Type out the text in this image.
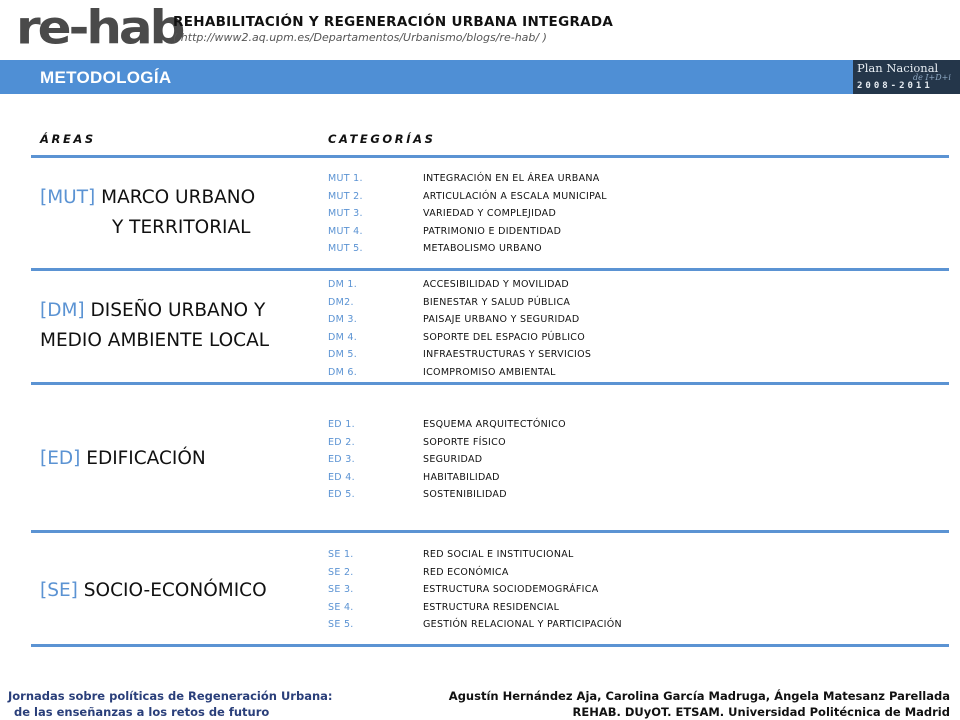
re-hab
REHABILITACIÓN Y REGENERACIÓN URBANA INTEGRADA
( http://www2.aq.upm.es/Departamentos/Urbanismo/blogs/re-hab/ )
METODOLOGÍA	Plan Nacional
de I+D+i
2008-2011
ÁREAS	CATEGORÍAS
[MUT] MARCO URBANO
Y TERRITORIAL
MUT 1.	INTEGRACIÓN EN EL ÁREA URBANA
MUT 2.	ARTICULACIÓN A ESCALA MUNICIPAL
MUT 3.	VARIEDAD Y COMPLEJIDAD
MUT 4.	PATRIMONIO E DIDENTIDAD
MUT 5.	METABOLISMO URBANO
[DM] DISEÑO URBANO Y
MEDIO AMBIENTE LOCAL
DM 1.	ACCESIBILIDAD Y MOVILIDAD
DM2.	BIENESTAR Y SALUD PÚBLICA
DM 3.	PAISAJE URBANO Y SEGURIDAD
DM 4.	SOPORTE DEL ESPACIO PÚBLICO
DM 5.	INFRAESTRUCTURAS Y SERVICIOS
DM 6.	ICOMPROMISO AMBIENTAL
[ED] EDIFICACIÓN
ED 1.	ESQUEMA ARQUITECTÓNICO
ED 2.	SOPORTE FÍSICO
ED 3.	SEGURIDAD
ED 4.	HABITABILIDAD
ED 5.	SOSTENIBILIDAD
[SE] SOCIO-ECONÓMICO
SE 1.	RED SOCIAL E INSTITUCIONAL
SE 2.	RED ECONÓMICA
SE 3.	ESTRUCTURA SOCIODEMOGRÁFICA
SE 4.	ESTRUCTURA RESIDENCIAL
SE 5.	GESTIÓN RELACIONAL Y PARTICIPACIÓN
Jornadas sobre políticas de Regeneración Urbana:
de las enseñanzas a los retos de futuro
Agustín Hernández Aja, Carolina García Madruga, Ángela Matesanz Parellada
REHAB. DUyOT. ETSAM. Universidad Politécnica de Madrid
